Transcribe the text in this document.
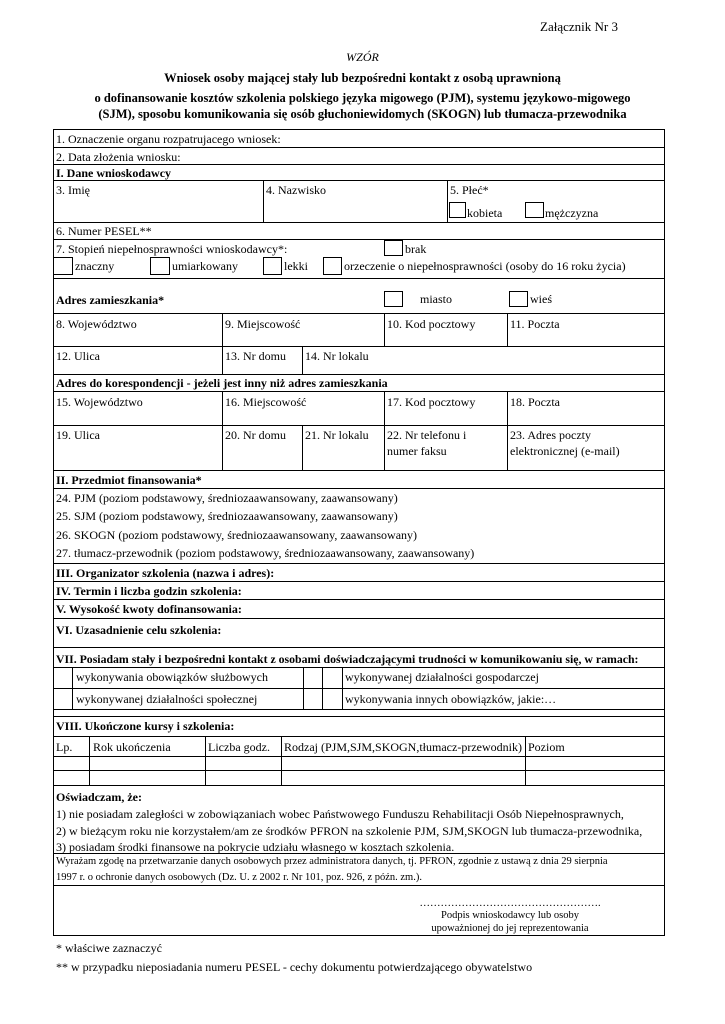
Załącznik Nr 3
WZÓR
Wniosek osoby mającej stały lub bezpośredni kontakt z osobą uprawnioną
o dofinansowanie kosztów szkolenia polskiego języka migowego (PJM), systemu językowo-migowego
(SJM), sposobu komunikowania się osób głuchoniewidomych (SKOGN) lub tłumacza-przewodnika
1. Oznaczenie organu rozpatrujacego wniosek:
2. Data złożenia wniosku:
I. Dane wnioskodawcy
3. Imię	4. Nazwisko	5. Płeć*
kobieta	mężczyzna
6. Numer PESEL**
7. Stopień niepełnosprawności wnioskodawcy*:	brak
znaczny	umiarkowany	lekki	orzeczenie o niepełnosprawności (osoby do 16 roku życia)
Adres zamieszkania*	miasto	wieś
8. Województwo	9. Miejscowość	10. Kod pocztowy	11. Poczta
12. Ulica	13. Nr domu 14. Nr lokalu
Adres do korespondencji - jeżeli jest inny niż adres zamieszkania
15. Województwo	16. Miejscowość	17. Kod pocztowy	18. Poczta
19. Ulica	20. Nr domu 21. Nr lokalu 22. Nr telefonu i
numer faksu
23. Adres poczty
elektronicznej (e-mail)
II. Przedmiot finansowania*
24. PJM (poziom podstawowy, średniozaawansowany, zaawansowany)
25. SJM (poziom podstawowy, średniozaawansowany, zaawansowany)
26. SKOGN (poziom podstawowy, średniozaawansowany, zaawansowany)
27. tłumacz-przewodnik (poziom podstawowy, średniozaawansowany, zaawansowany)
III. Organizator szkolenia (nazwa i adres):
IV. Termin i liczba godzin szkolenia:
V. Wysokość kwoty dofinansowania:
VI. Uzasadnienie celu szkolenia:
VII. Posiadam stały i bezpośredni kontakt z osobami doświadczającymi trudności w komunikowaniu się, w ramach:
wykonywania obowiązków służbowych	wykonywanej działalności gospodarczej
wykonywanej działalności społecznej	wykonywania innych obowiązków, jakie:…
VIII. Ukończone kursy i szkolenia:
Lp. Rok ukończenia	Liczba godz. Rodzaj (PJM,SJM,SKOGN,tłumacz-przewodnik) Poziom
Oświadczam, że:
1) nie posiadam zaległości w zobowiązaniach wobec Państwowego Funduszu Rehabilitacji Osób Niepełnosprawnych,
2) w bieżącym roku nie korzystałem/am ze środków PFRON na szkolenie PJM, SJM,SKOGN lub tłumacza-przewodnika,
3) posiadam środki finansowe na pokrycie udziału własnego w kosztach szkolenia.
Wyrażam zgodę na przetwarzanie danych osobowych przez administratora danych, tj. PFRON, zgodnie z ustawą z dnia 29 sierpnia
1997 r. o ochronie danych osobowych (Dz. U. z 2002 r. Nr 101, poz. 926, z późn. zm.).
…………………………………………….
Podpis wnioskodawcy lub osoby
upoważnionej do jej reprezentowania
* właściwe zaznaczyć
** w przypadku nieposiadania numeru PESEL - cechy dokumentu potwierdzającego obywatelstwo
